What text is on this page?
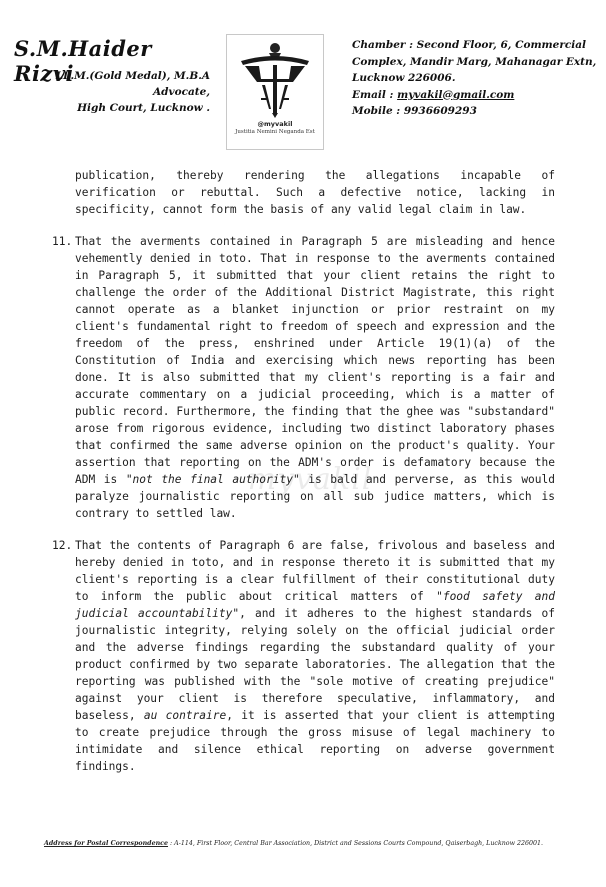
S.M.Haider Rizvi
LL.M.(Gold Medal), M.B.A
Advocate,
High Court, Lucknow .
@myvakil
Justitia Nemini Neganda Est
Chamber : Second Floor, 6, Commercial
Complex, Mandir Marg, Mahanagar Extn,
Lucknow 226006.
Email : myvakil@gmail.com
Mobile : 9936609293
myvakil
publication, thereby rendering the allegations incapable of verification or rebuttal. Such a defective notice, lacking in specificity, cannot form the basis of any valid legal claim in law.
11. That the averments contained in Paragraph 5 are misleading and hence vehemently denied in toto. That in response to the averments contained in Paragraph 5, it submitted that your client retains the right to challenge the order of the Additional District Magistrate, this right cannot operate as a blanket injunction or prior restraint on my client's fundamental right to freedom of speech and expression and the freedom of the press, enshrined under Article 19(1)(a) of the Constitution of India and exercising which news reporting has been done. It is also submitted that my client's reporting is a fair and accurate commentary on a judicial proceeding, which is a matter of public record. Furthermore, the finding that the ghee was "substandard" arose from rigorous evidence, including two distinct laboratory phases that confirmed the same adverse opinion on the product's quality. Your assertion that reporting on the ADM's order is defamatory because the ADM is "not the final authority" is bald and perverse, as this would paralyze journalistic reporting on all sub judice matters, which is contrary to settled law.
12. That the contents of Paragraph 6 are false, frivolous and baseless and hereby denied in toto, and in response thereto it is submitted that my client's reporting is a clear fulfillment of their constitutional duty to inform the public about critical matters of "food safety and judicial accountability", and it adheres to the highest standards of journalistic integrity, relying solely on the official judicial order and the adverse findings regarding the substandard quality of your product confirmed by two separate laboratories. The allegation that the reporting was published with the "sole motive of creating prejudice" against your client is therefore speculative, inflammatory, and baseless, au contraire, it is asserted that your client is attempting to create prejudice through the gross misuse of legal machinery to intimidate and silence ethical reporting on adverse government findings.
Address for Postal Correspondence : A-114, First Floor, Central Bar Association, District and Sessions Courts Compound, Qaiserbagh, Lucknow 226001.
